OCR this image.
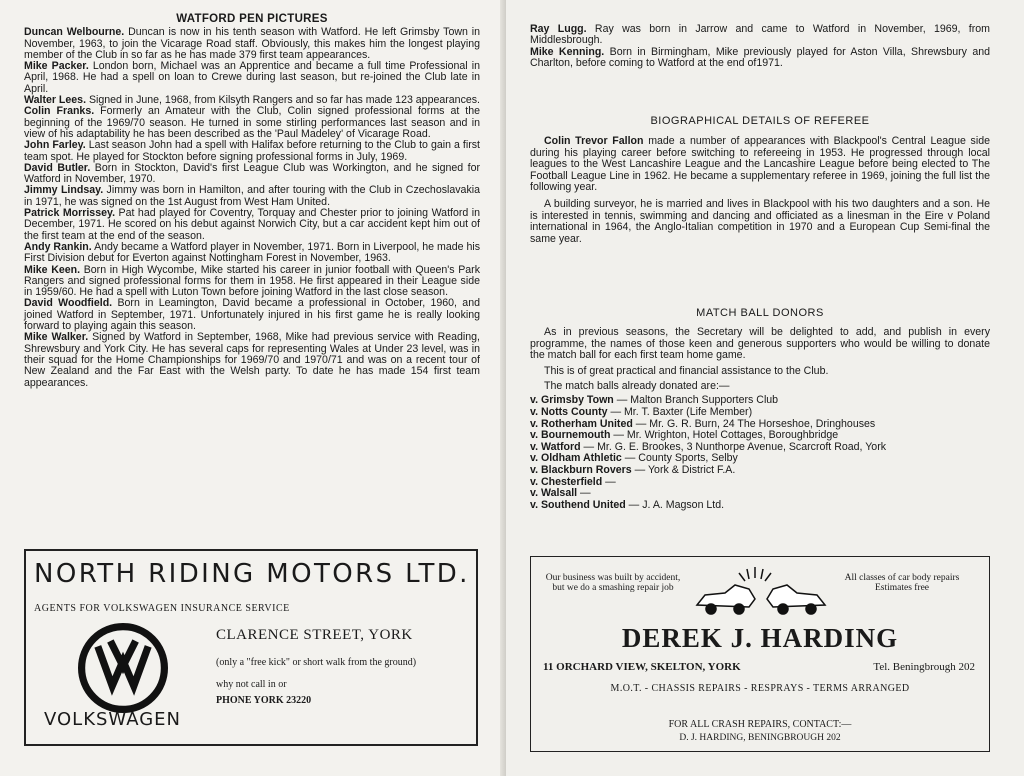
WATFORD PEN PICTURES

Duncan Welbourne. Duncan is now in his tenth season with Watford. He left Grimsby Town in November, 1963, to join the Vicarage Road staff. Obviously, this makes him the longest playing member of the Club in so far as he has made 379 first team appearances.

Mike Packer. London born, Michael was an Apprentice and became a full time Professional in April, 1968. He had a spell on loan to Crewe during last season, but re-joined the Club late in April.

Walter Lees. Signed in June, 1968, from Kilsyth Rangers and so far has made 123 appearances.

Colin Franks. Formerly an Amateur with the Club, Colin signed professional forms at the beginning of the 1969/70 season. He turned in some stirling performances last season and in view of his adaptability he has been described as the 'Paul Madeley' of Vicarage Road.

John Farley. Last season John had a spell with Halifax before returning to the Club to gain a first team spot. He played for Stockton before signing professional forms in July, 1969.

David Butler. Born in Stockton, David's first League Club was Workington, and he signed for Watford in November, 1970.

Jimmy Lindsay. Jimmy was born in Hamilton, and after touring with the Club in Czechoslavakia in 1971, he was signed on the 1st August from West Ham United.

Patrick Morrissey. Pat had played for Coventry, Torquay and Chester prior to joining Watford in December, 1971. He scored on his debut against Norwich City, but a car accident kept him out of the first team at the end of the season.

Andy Rankin. Andy became a Watford player in November, 1971. Born in Liverpool, he made his First Division debut for Everton against Nottingham Forest in November, 1963.

Mike Keen. Born in High Wycombe, Mike started his career in junior football with Queen's Park Rangers and signed professional forms for them in 1958. He first appeared in their League side in 1959/60. He had a spell with Luton Town before joining Watford in the last close season.

David Woodfield. Born in Leamington, David became a professional in October, 1960, and joined Watford in September, 1971. Unfortunately injured in his first game he is really looking forward to playing again this season.

Mike Walker. Signed by Watford in September, 1968, Mike had previous service with Reading, Shrewsbury and York City. He has several caps for representing Wales at Under 23 level, was in their squad for the Home Championships for 1969/70 and 1970/71 and was on a recent tour of New Zealand and the Far East with the Welsh party. To date he has made 154 first team appearances.

NORTH RIDING MOTORS LTD.
AGENTS FOR VOLKSWAGEN INSURANCE SERVICE
VOLKSWAGEN
CLARENCE STREET, YORK
(only a "free kick" or short walk from the ground)
why not call in or
PHONE YORK 23220

Ray Lugg. Ray was born in Jarrow and came to Watford in November, 1969, from Middlesbrough.

Mike Kenning. Born in Birmingham, Mike previously played for Aston Villa, Shrewsbury and Charlton, before coming to Watford at the end of1971.

BIOGRAPHICAL DETAILS OF REFEREE

Colin Trevor Fallon made a number of appearances with Blackpool's Central League side during his playing career before switching to refereeing in 1953. He progressed through local leagues to the West Lancashire League and the Lancashire League before being elected to The Football League Line in 1962. He became a supplementary referee in 1969, joining the full list the following year.

A building surveyor, he is married and lives in Blackpool with his two daughters and a son. He is interested in tennis, swimming and dancing and officiated as a linesman in the Eire v Poland international in 1964, the Anglo-Italian competition in 1970 and a European Cup Semi-final the same year.

MATCH BALL DONORS

As in previous seasons, the Secretary will be delighted to add, and publish in every programme, the names of those keen and generous supporters who would be willing to donate the match ball for each first team home game.

This is of great practical and financial assistance to the Club.

The match balls already donated are:—

v. Grimsby Town — Malton Branch Supporters Club
v. Notts County — Mr. T. Baxter (Life Member)
v. Rotherham United — Mr. G. R. Burn, 24 The Horseshoe, Dringhouses
v. Bournemouth — Mr. Wrighton, Hotel Cottages, Boroughbridge
v. Watford — Mr. G. E. Brookes, 3 Nunthorpe Avenue, Scarcroft Road, York
v. Oldham Athletic — County Sports, Selby
v. Blackburn Rovers — York & District F.A.
v. Chesterfield —
v. Walsall —
v. Southend United — J. A. Magson Ltd.
Our business was built by accident, but we do a smashing repair job
All classes of car body repairs Estimates free
DEREK J. HARDING
11 ORCHARD VIEW, SKELTON, YORK	Tel. Beningbrough 202
M.O.T. - CHASSIS REPAIRS - RESPRAYS - TERMS ARRANGED
FOR ALL CRASH REPAIRS, CONTACT:—
D. J. HARDING, BENINGBROUGH 202
